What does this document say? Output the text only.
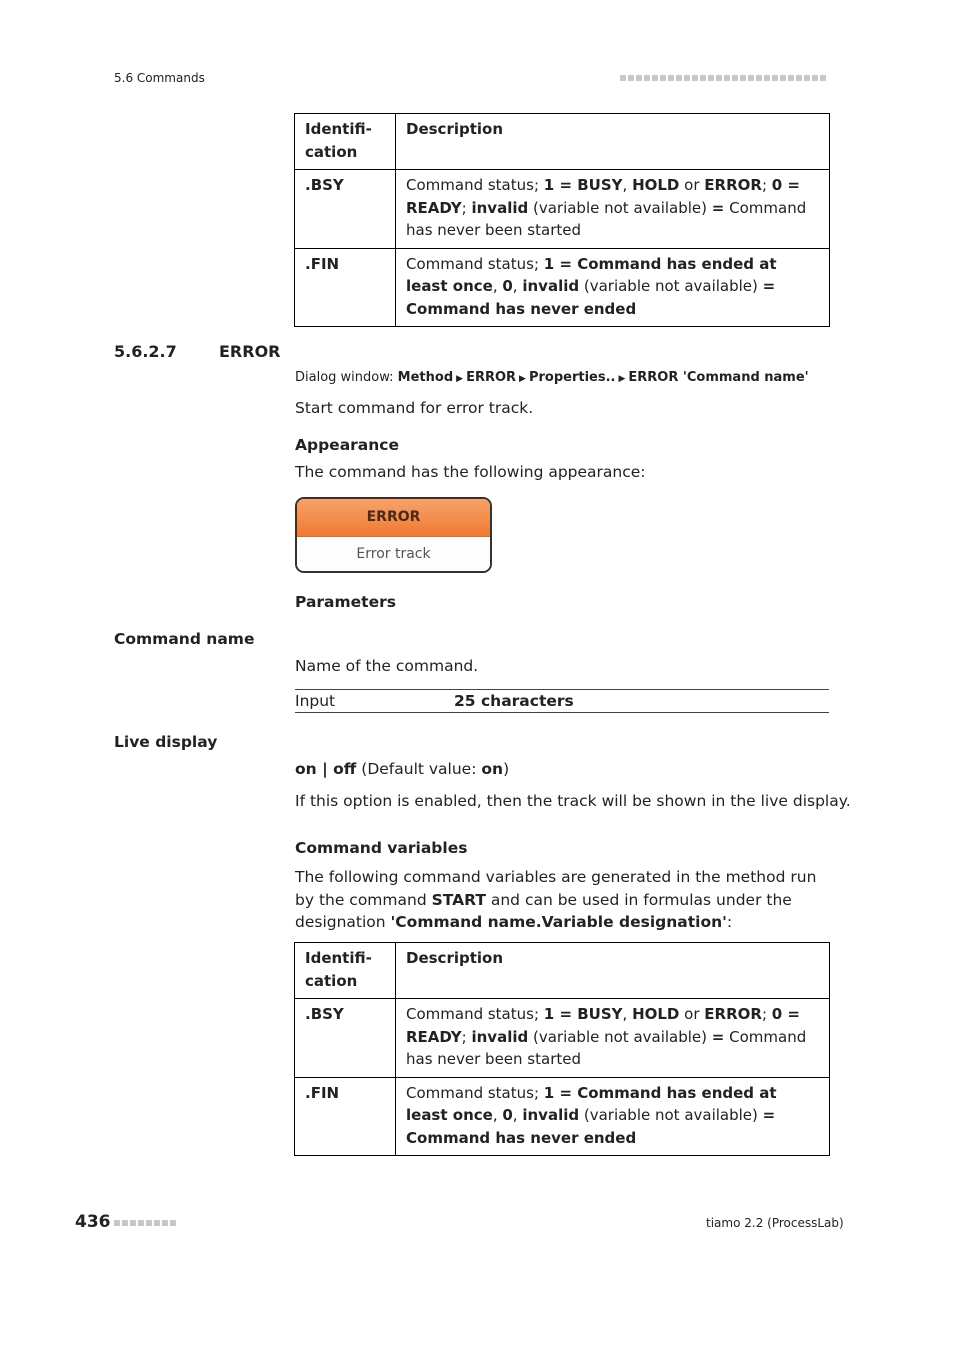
5.6 Commands
Identifi-cation	Description
.BSY	Command status; 1 = BUSY, HOLD or ERROR; 0 = READY; invalid (variable not available) = Command has never been started
.FIN	Command status; 1 = Command has ended at least once, 0, invalid (variable not available) = Command has never ended
5.6.2.7	ERROR
Dialog window: Method ▶ ERROR ▶ Properties.. ▶ ERROR 'Command name'
Start command for error track.
Appearance
The command has the following appearance:
ERROR
Error track
Parameters
Command name
Name of the command.
Input	25 characters
Live display
on | off (Default value: on)
If this option is enabled, then the track will be shown in the live display.
Command variables
The following command variables are generated in the method run by the command START and can be used in formulas under the designation 'Command name.Variable designation':
Identifi-cation	Description
.BSY	Command status; 1 = BUSY, HOLD or ERROR; 0 = READY; invalid (variable not available) = Command has never been started
.FIN	Command status; 1 = Command has ended at least once, 0, invalid (variable not available) = Command has never ended
436	tiamo 2.2 (ProcessLab)
